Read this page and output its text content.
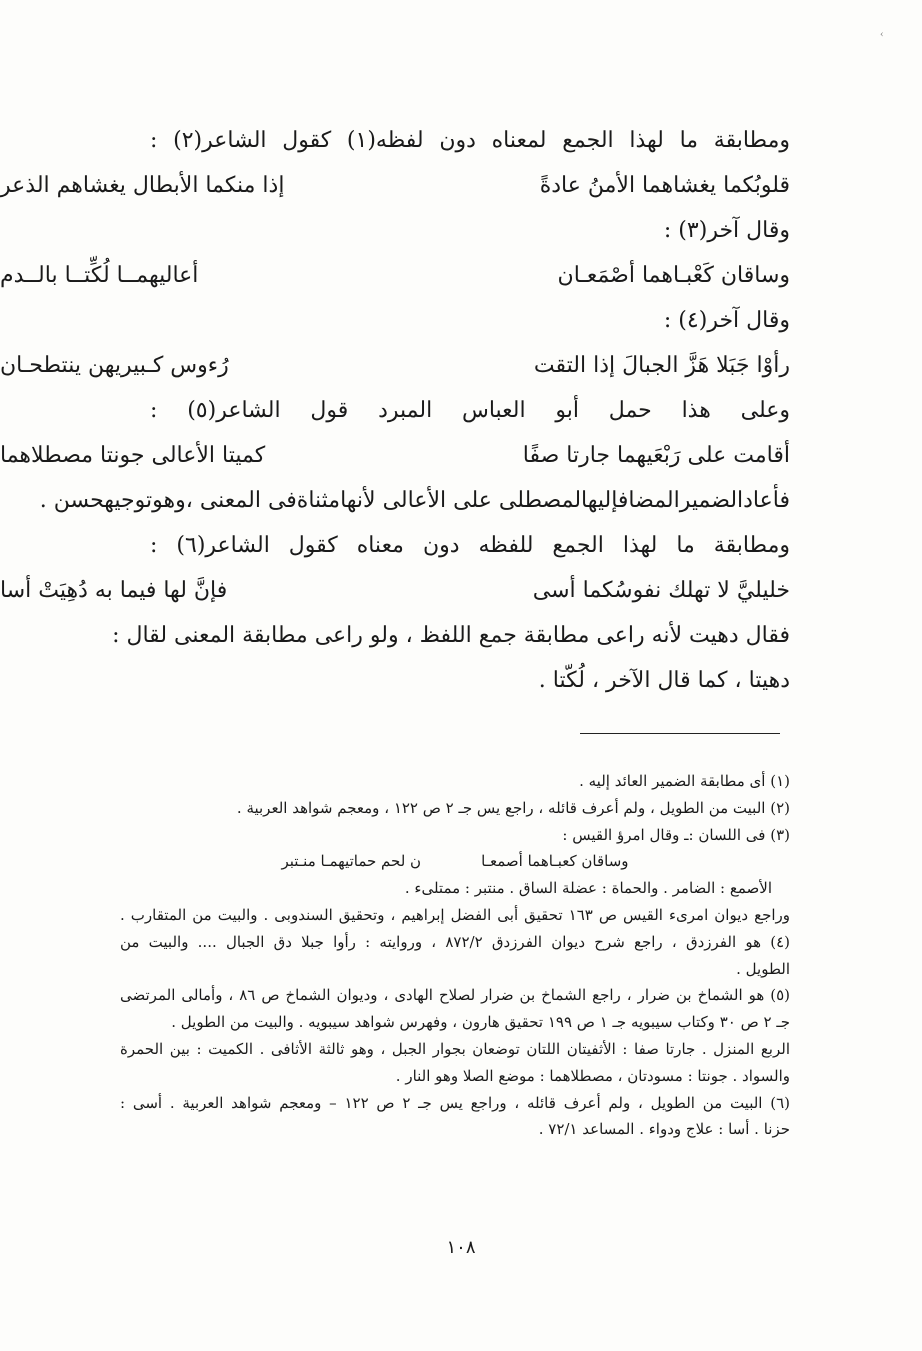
‹
ومطابقة ما لهذا الجمع لمعناه دون لفظه(١) كقول الشاعر(٢) :
قلوبُكما يغشاهما الأمنُ عادةً
إذا منكما الأبطال يغشاهم الذعر
وقال آخر(٣) :
وساقان كَعْبـاهما أصْمَعـان
أعاليهمــا لُكِّتــا بالــدم
وقال آخر(٤) :
رأوْا جَبَلا هَزَّ الجبالَ إذا التقت
رُءوس كـبيريهن ينتطحـان
وعلى هذا حمل أبو العباس المبرد قول الشاعر(٥) :
أقامت على رَبْعَيهما جارتا صفًا
كميتا الأعالى جونتا مصطلاهما
فأعادالضميرالمضافإليهالمصطلى على الأعالى لأنهامثناةفى المعنى ،وهوتوجيهحسن .
ومطابقة ما لهذا الجمع للفظه دون معناه كقول الشاعر(٦) :
خليليَّ لا تهلك نفوسُكما أسى
فإنَّ لها فيما به دُهِيَتْ أسا
فقال دهيت لأنه راعى مطابقة جمع اللفظ ، ولو راعى مطابقة المعنى لقال :
دهيتا ، كما قال الآخر ، لُكّتا .
(١) أى مطابقة الضمير العائد إليه .
(٢) البيت من الطويل ، ولم أعرف قائله ، راجع يس جـ ٢ ص ١٢٢ ، ومعجم شواهد العربية .
(٣) فى اللسان :ـ وقال امرؤ القيس :
وساقان كعبـاهما أصمعـا
ن لحم حماتيهمـا منـتبر
الأصمع : الضامر . والحماة : عضلة الساق . منتبر : ممتلىء .
وراجع ديوان امرىء القيس ص ١٦٣ تحقيق أبى الفضل إبراهيم ، وتحقيق السندوبى . والبيت من المتقارب .
(٤) هو الفرزدق ، راجع شرح ديوان الفرزدق ٨٧٢/٢ ، وروايته : رأوا جبلا دق الجبال .... والبيت من
الطويل .
(٥) هو الشماخ بن ضرار ، راجع الشماخ بن ضرار لصلاح الهادى ، وديوان الشماخ ص ٨٦ ، وأمالى المرتضى
جـ ٢ ص ٣٠ وكتاب سيبويه جـ ١ ص ١٩٩ تحقيق هارون ، وفهرس شواهد سيبويه . والبيت من الطويل .
الربع المنزل . جارتا صفا : الأثفيتان اللتان توضعان بجوار الجبل ، وهو ثالثة الأثافى . الكميت : بين الحمرة
والسواد . جونتا : مسودتان ، مصطلاهما : موضع الصلا وهو النار .
(٦) البيت من الطويل ، ولم أعرف قائله ، وراجع يس جـ ٢ ص ١٢٢ – ومعجم شواهد العربية . أسى :
حزنا . أسا : علاج ودواء . المساعد ٧٢/١ .
١٠٨
